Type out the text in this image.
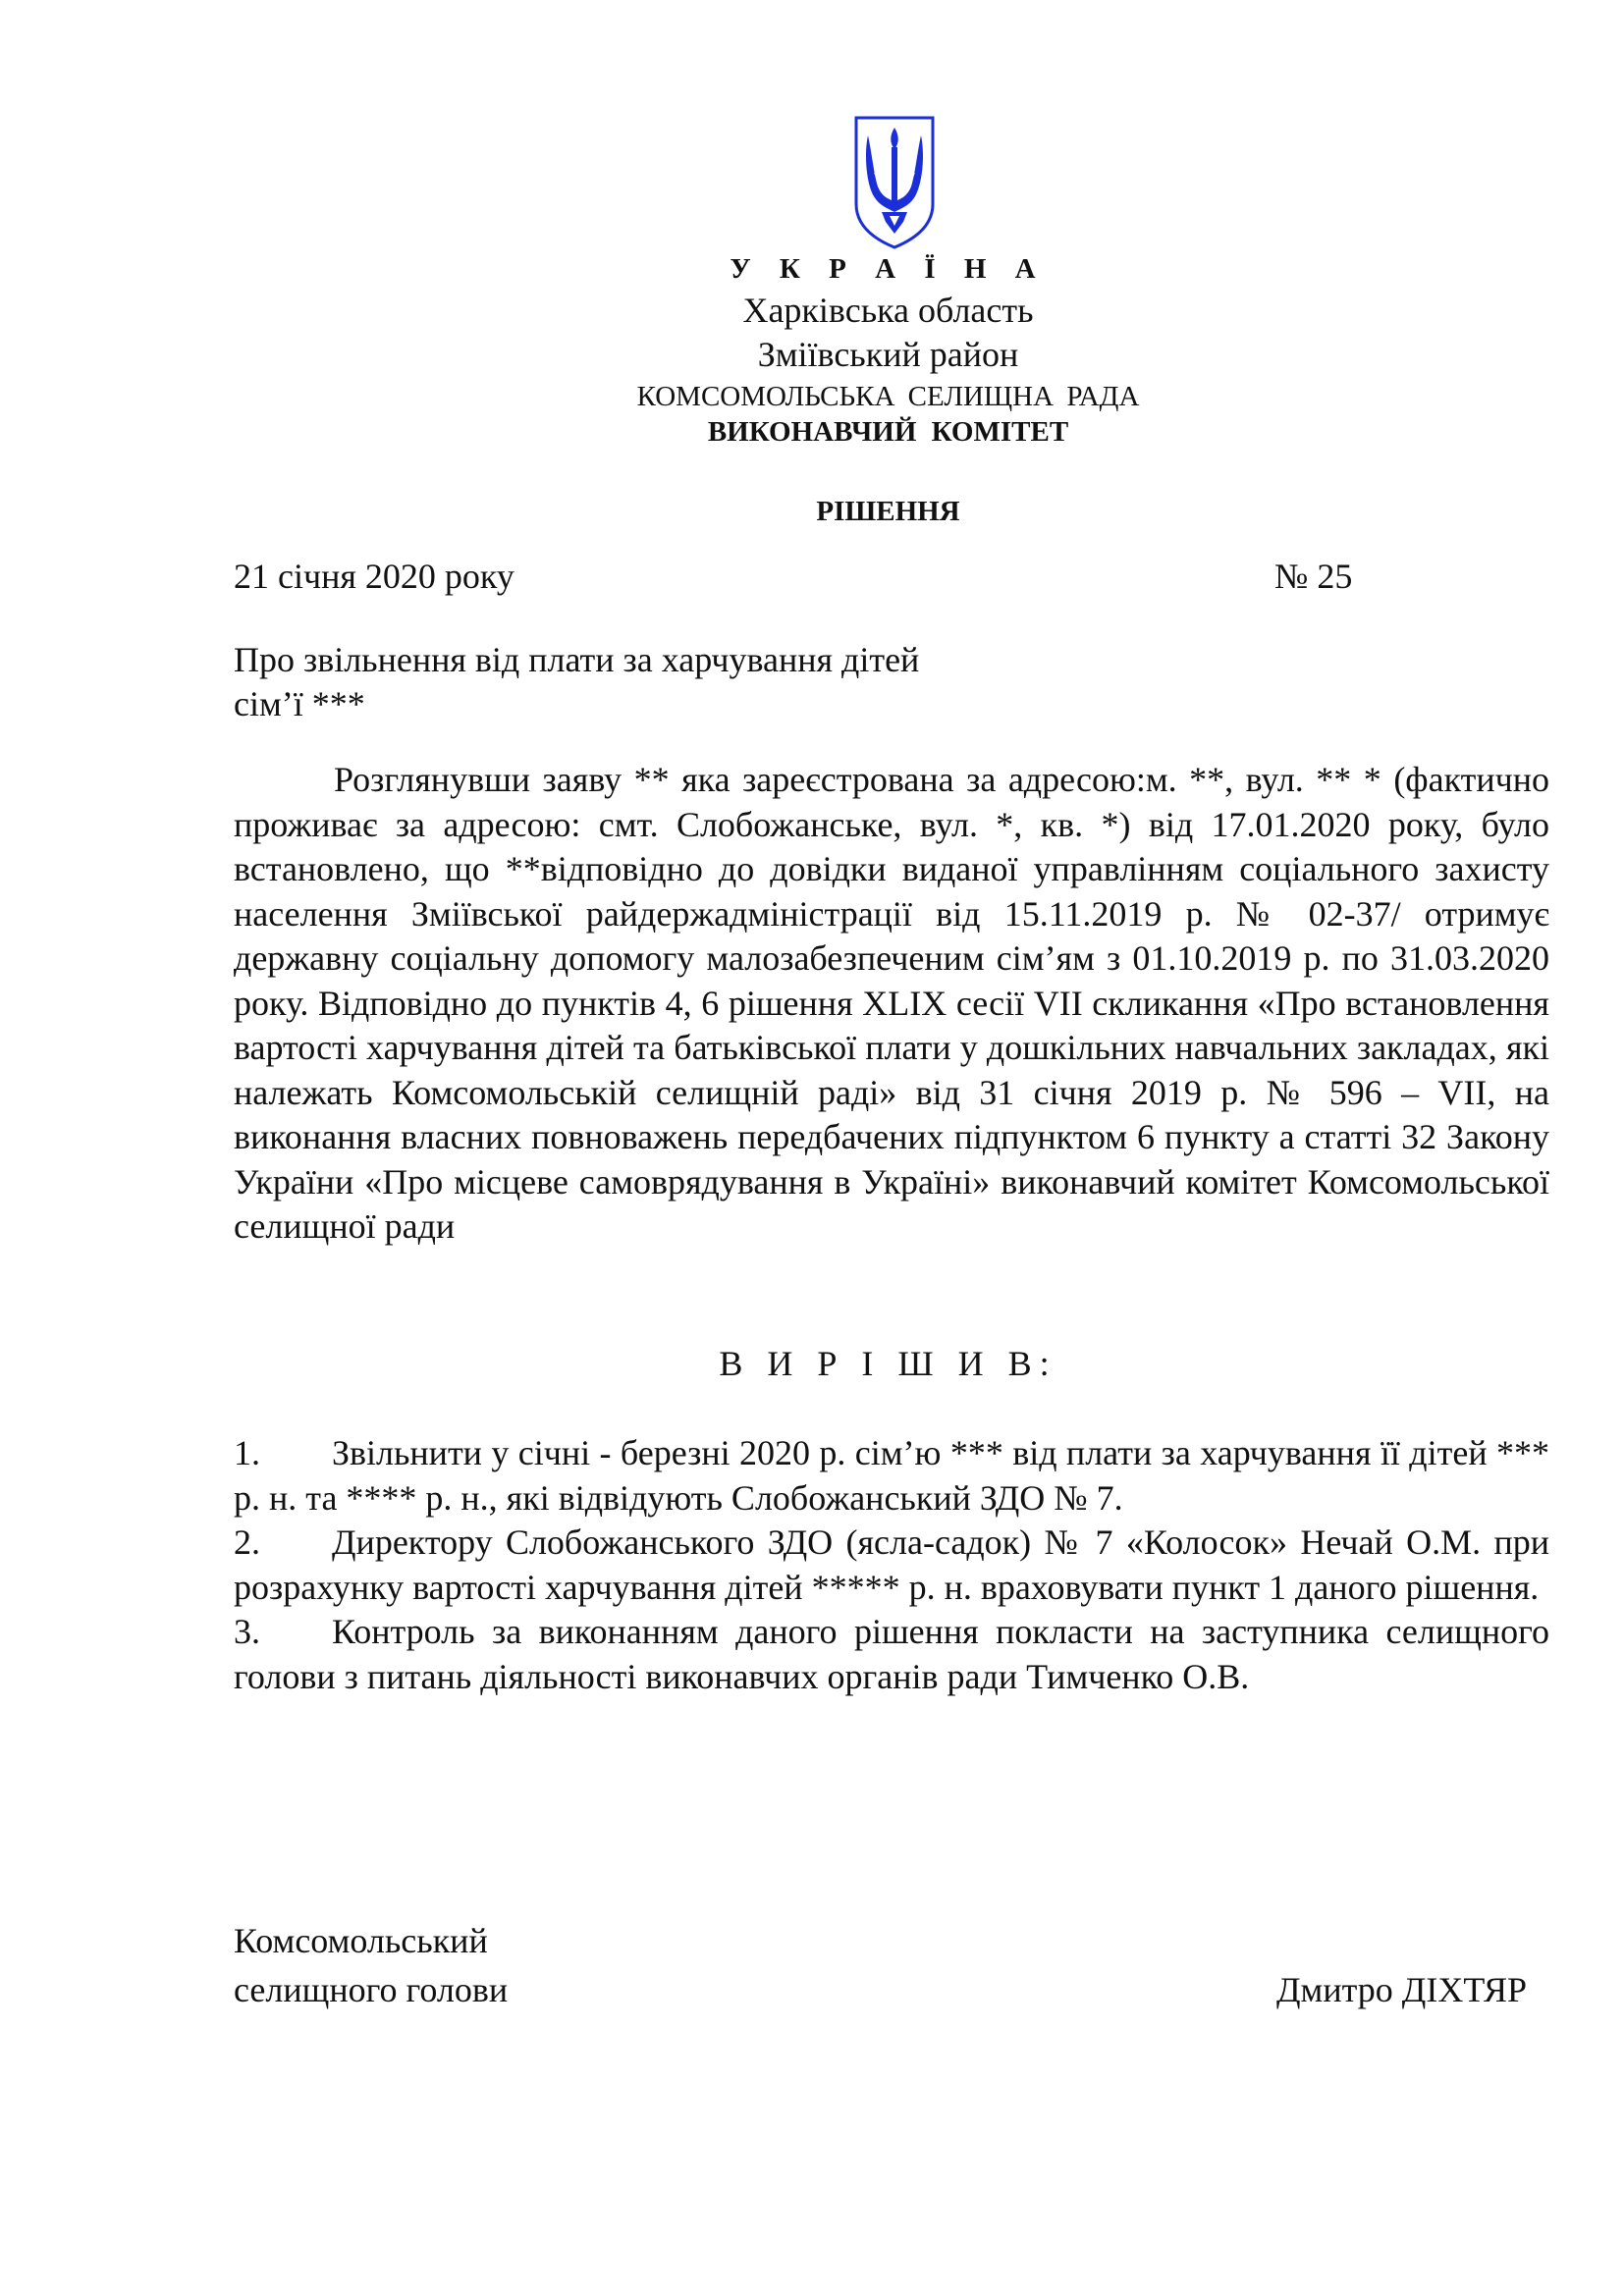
У К Р А Ї Н А
Харківська область
Зміївський район
КОМСОМОЛЬСЬКА СЕЛИЩНА РАДА
ВИКОНАВЧИЙ КОМІТЕТ
РІШЕННЯ
21 січня 2020 року	№ 25
Про звільнення від плати за харчування дітей
сім’ї ***

Розглянувши заяву ** яка зареєстрована за адресою:м. **, вул. ** * (фактично проживає за адресою: смт. Слобожанське, вул. *, кв. *) від 17.01.2020 року, було встановлено, що **відповідно до довідки виданої управлінням соціального захисту населення Зміївської райдержадміністрації від 15.11.2019 р. № 02-37/ отримує державну соціальну допомогу малозабезпеченим сім’ям з 01.10.2019 р. по 31.03.2020 року. Відповідно до пунктів 4, 6 рішення XLIX сесії VII скликання «Про встановлення вартості харчування дітей та батьківської плати у дошкільних навчальних закладах, які належать Комсомольській селищній раді» від 31 січня 2019 р. № 596 – VII, на виконання власних повноважень передбачених підпунктом 6 пункту а статті 32 Закону України «Про місцеве самоврядування в Україні» виконавчий комітет Комсомольської селищної ради

В И Р І Ш И В:
1. Звільнити у січні - березні 2020 р. сім’ю *** від плати за харчування її дітей *** р. н. та **** р. н., які відвідують Слобожанський ЗДО № 7.
2. Директору Слобожанського ЗДО (ясла-садок) № 7 «Колосок» Нечай О.М. при розрахунку вартості харчування дітей ***** р. н. враховувати пункт 1 даного рішення.
3. Контроль за виконанням даного рішення покласти на заступника селищного голови з питань діяльності виконавчих органів ради Тимченко О.В.
Комсомольський
селищного голови	Дмитро ДІХТЯР
